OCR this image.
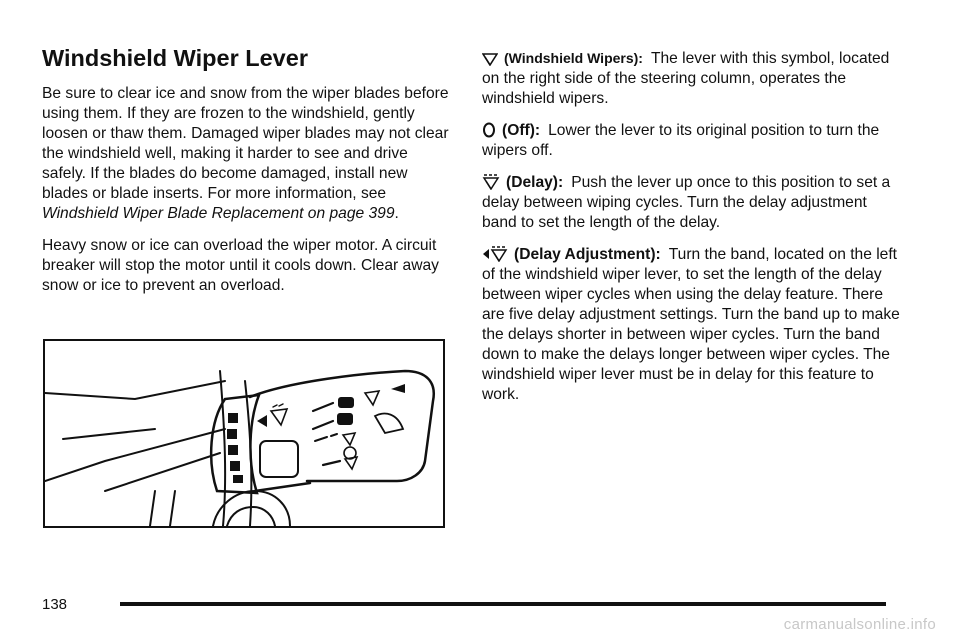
Windshield Wiper Lever

Be sure to clear ice and snow from the wiper blades before using them. If they are frozen to the windshield, gently loosen or thaw them. Damaged wiper blades may not clear the windshield well, making it harder to see and drive safely. If the blades do become damaged, install new blades or blade inserts. For more information, see Windshield Wiper Blade Replacement on page 399.

Heavy snow or ice can overload the wiper motor. A circuit breaker will stop the motor until it cools down. Clear away snow or ice to prevent an overload.

(Windshield Wipers): The lever with this symbol, located on the right side of the steering column, operates the windshield wipers.

(Off): Lower the lever to its original position to turn the wipers off.

(Delay): Push the lever up once to this position to set a delay between wiping cycles. Turn the delay adjustment band to set the length of the delay.

(Delay Adjustment): Turn the band, located on the left of the windshield wiper lever, to set the length of the delay between wiper cycles when using the delay feature. There are five delay adjustment settings. Turn the band up to make the delays shorter in between wiper cycles. Turn the band down to make the delays longer between wiper cycles. The windshield wiper lever must be in delay for this feature to work.

138
carmanualsonline.info
